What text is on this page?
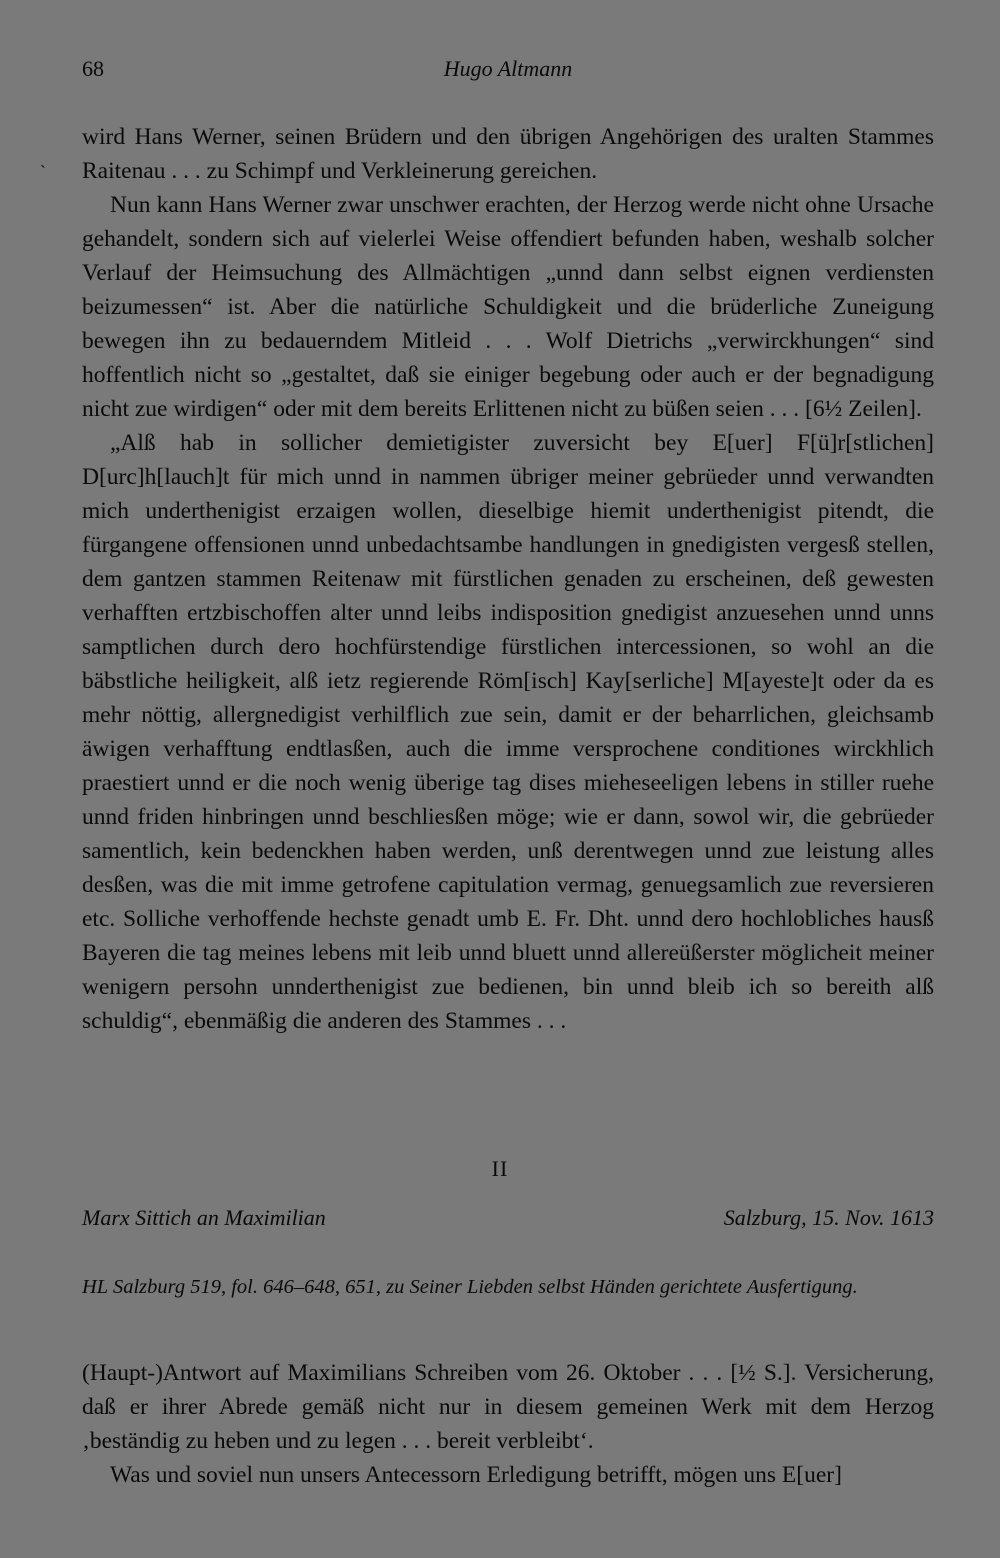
68	Hugo Altmann
`

wird Hans Werner, seinen Brüdern und den übrigen Angehörigen des uralten Stammes Raitenau . . . zu Schimpf und Verkleinerung gereichen.

Nun kann Hans Werner zwar unschwer erachten, der Herzog werde nicht ohne Ursache gehandelt, sondern sich auf vielerlei Weise offendiert befunden haben, weshalb solcher Verlauf der Heimsuchung des Allmächtigen „unnd dann selbst eignen verdiensten beizumessen“ ist. Aber die natürliche Schuldigkeit und die brüderliche Zuneigung bewegen ihn zu bedauerndem Mitleid . . . Wolf Dietrichs „verwirckhungen“ sind hoffentlich nicht so „gestaltet, daß sie einiger begebung oder auch er der begnadigung nicht zue wirdigen“ oder mit dem bereits Erlittenen nicht zu büßen seien . . . [6½ Zeilen].

„Alß hab in sollicher demietigister zuversicht bey E[uer] F[ü]r[stlichen] D[urc]h[lauch]t für mich unnd in nammen übriger meiner gebrüeder unnd verwandten mich underthenigist erzaigen wollen, dieselbige hiemit underthenigist pitendt, die fürgangene offensionen unnd unbedachtsambe handlungen in gnedigisten vergesß stellen, dem gantzen stammen Reitenaw mit fürstlichen genaden zu erscheinen, deß gewesten verhafften ertzbischoffen alter unnd leibs indisposition gnedigist anzuesehen unnd unns samptlichen durch dero hochfürstendige fürstlichen intercessionen, so wohl an die bäbstliche heiligkeit, alß ietz regierende Röm[isch] Kay[serliche] M[ayeste]t oder da es mehr nöttig, allergnedigist verhilflich zue sein, damit er der beharrlichen, gleichsamb äwigen verhafftung endtlasßen, auch die imme versprochene conditiones wirckhlich praestiert unnd er die noch wenig überige tag dises mieheseeligen lebens in stiller ruehe unnd friden hinbringen unnd beschliesßen möge; wie er dann, sowol wir, die gebrüeder samentlich, kein bedenckhen haben werden, unß derentwegen unnd zue leistung alles desßen, was die mit imme getrofene capitulation vermag, genuegsamlich zue reversieren etc. Solliche verhoffende hechste genadt umb E. Fr. Dht. unnd dero hochlobliches hausß Bayeren die tag meines lebens mit leib unnd bluett unnd allereüßerster möglicheit meiner wenigern persohn unnderthenigist zue bedienen, bin unnd bleib ich so bereith alß schuldig“, ebenmäßig die anderen des Stammes . . .

II
Marx Sittich an Maximilian	Salzburg, 15. Nov. 1613
HL Salzburg 519, fol. 646–648, 651, zu Seiner Liebden selbst Händen gerichtete Ausfertigung.

(Haupt-)Antwort auf Maximilians Schreiben vom 26. Oktober . . . [½ S.]. Versicherung, daß er ihrer Abrede gemäß nicht nur in diesem gemeinen Werk mit dem Herzog ‚beständig zu heben und zu legen . . . bereit verbleibt‘.

Was und soviel nun unsers Antecessorn Erledigung betrifft, mögen uns E[uer]
